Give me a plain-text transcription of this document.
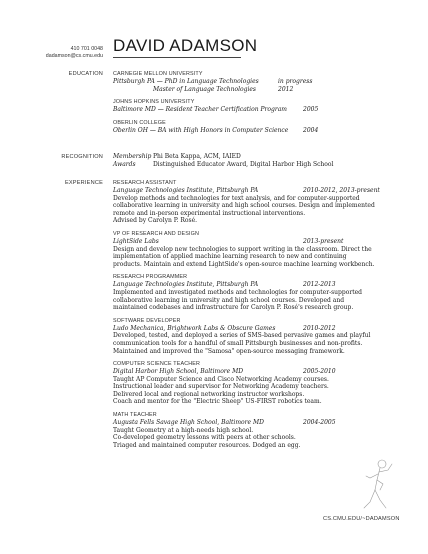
410 701 0048
dadamson@cs.cmu.edu
DAVID ADAMSON
EDUCATION CARNEGIE MELLON UNIVERSITY
Pittsburgh PA — PhD in Language Technologies	in progress
Master of Language Technologies	2012
JOHNS HOPKINS UNIVERSITY
Baltimore MD — Resident Teacher Certification Program	2005
OBERLIN COLLEGE
Oberlin OH — BA with High Honors in Computer Science 2004
RECOGNITION Membership Phi Beta Kappa, ACM, IAIED
Awards	Distinguished Educator Award, Digital Harbor High School
EXPERIENCE RESEARCH ASSISTANT
Language Technologies Institute, Pittsburgh PA	2010-2012, 2013-present
Develop methods and technologies for text analysis, and for computer-supported
collaborative learning in university and high school courses. Design and implemented
remote and in-person experimental instructional interventions.
Advised by Carolyn P. Rosé.
VP OF RESEARCH AND DESIGN
LightSide Labs	2013-present
Design and develop new technologies to support writing in the classroom. Direct the
implementation of applied machine learning research to new and continuing
products. Maintain and extend LightSide's open-source machine learning workbench.
RESEARCH PROGRAMMER
Language Technologies Institute, Pittsburgh PA	2012-2013
Implemented and investigated methods and technologies for computer-supported
collaborative learning in university and high school courses. Developed and
maintained codebases and infrastructure for Carolyn P. Rosé's research group.
SOFTWARE DEVELOPER
Ludo Mechanica, Brightwork Labs & Obscure Games	2010-2012
Developed, tested, and deployed a series of SMS-based pervasive games and playful
communication tools for a handful of small Pittsburgh businesses and non-profits.
Maintained and improved the "Samosa" open-source messaging framework.
COMPUTER SCIENCE TEACHER
Digital Harbor High School, Baltimore MD	2005-2010
Taught AP Computer Science and Cisco Networking Academy courses.
Instructional leader and supervisor for Networking Academy teachers.
Delivered local and regional networking instructor workshops.
Coach and mentor for the "Electric Sheep" US-FIRST robotics team.
MATH TEACHER
Augusta Fells Savage High School, Baltimore MD	2004-2005
Taught Geometry at a high-needs high school.
Co-developed geometry lessons with peers at other schools.
Triaged and maintained computer resources. Dodged an egg.
CS.CMU.EDU/~DADAMSON
